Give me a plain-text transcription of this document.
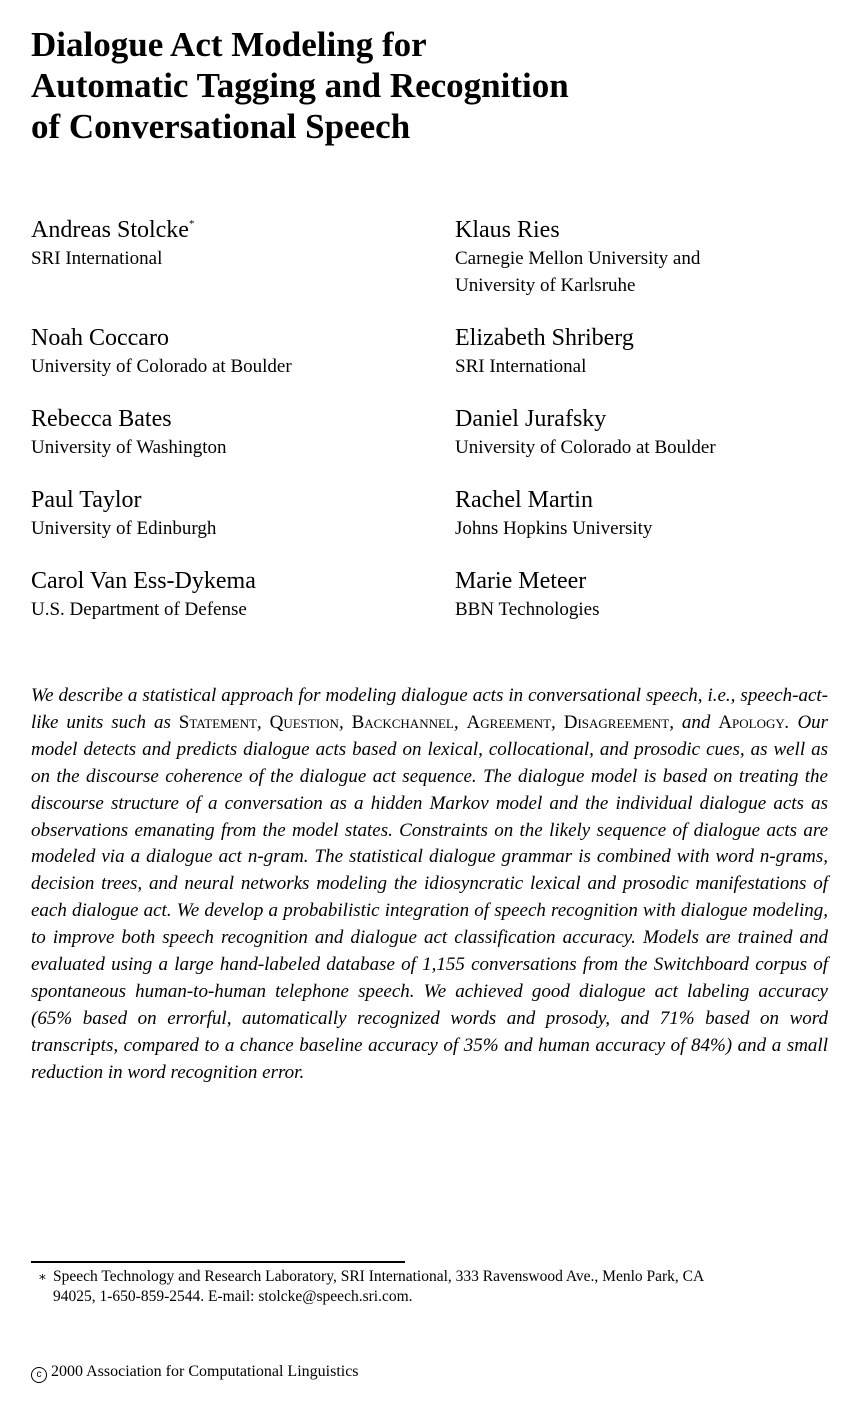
Dialogue Act Modeling for
Automatic Tagging and Recognition
of Conversational Speech
Andreas Stolcke*
SRI International
Noah Coccaro
University of Colorado at Boulder
Rebecca Bates
University of Washington
Paul Taylor
University of Edinburgh
Carol Van Ess-Dykema
U.S. Department of Defense
Klaus Ries
Carnegie Mellon University and
University of Karlsruhe
Elizabeth Shriberg
SRI International
Daniel Jurafsky
University of Colorado at Boulder
Rachel Martin
Johns Hopkins University
Marie Meteer
BBN Technologies

We describe a statistical approach for modeling dialogue acts in conversational speech, i.e., speech-act-like units such as Statement, Question, Backchannel, Agreement, Disagreement, and Apology. Our model detects and predicts dialogue acts based on lexical, collocational, and prosodic cues, as well as on the discourse coherence of the dialogue act sequence. The dialogue model is based on treating the discourse structure of a conversation as a hidden Markov model and the individual dialogue acts as observations emanating from the model states. Constraints on the likely sequence of dialogue acts are modeled via a dialogue act n-gram. The statistical dialogue grammar is combined with word n-grams, decision trees, and neural networks modeling the idiosyncratic lexical and prosodic manifestations of each dialogue act. We develop a probabilistic integration of speech recognition with dialogue modeling, to improve both speech recognition and dialogue act classification accuracy. Models are trained and evaluated using a large hand-labeled database of 1,155 conversations from the Switchboard corpus of spontaneous human-to-human telephone speech. We achieved good dialogue act labeling accuracy (65% based on errorful, automatically recognized words and prosody, and 71% based on word transcripts, compared to a chance baseline accuracy of 35% and human accuracy of 84%) and a small reduction in word recognition error.

∗ Speech Technology and Research Laboratory, SRI International, 333 Ravenswood Ave., Menlo Park, CA
94025, 1-650-859-2544. E-mail: stolcke@speech.sri.com.

c 2000 Association for Computational Linguistics
